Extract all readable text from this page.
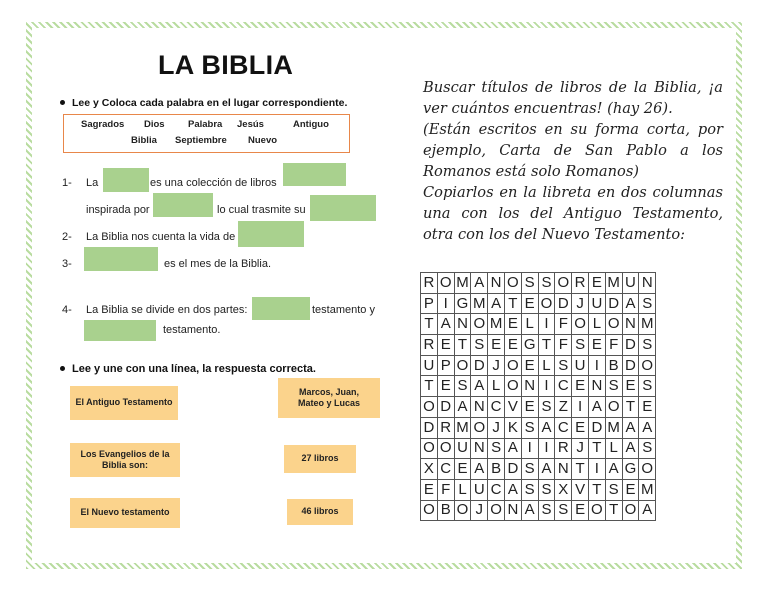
LA BIBLIA
Lee y Coloca cada palabra en el lugar correspondiente.
Sagrados Dios Palabra Jesús	Antiguo
Biblia Septiembre Nuevo
1- La	es una colección de libros
inspirada por	lo cual trasmite su
2- La Biblia nos cuenta la vida de
3-	es el mes de la Biblia.
4- La Biblia se divide en dos partes:	testamento y
testamento.
Lee y une con una línea, la respuesta correcta.
El Antiguo Testamento
Los Evangelios de la Biblia son:
El Nuevo testamento
Marcos, Juan, Mateo y Lucas
27 libros
46 libros

Buscar títulos de libros de la Biblia, ¡a ver cuántos encuentras! (hay 26).

(Están escritos en su forma corta, por ejemplo, Carta de San Pablo a los Romanos está solo Romanos)

Copiarlos en la libreta en dos columnas una con los del Antiguo Testamento, otra con los del Nuevo Testamento:

R	O	M	A	N	O	S	S	O	R	E	M	U	N
P	I	G	M	A	T	E	O	D	J	U	D	A	S
T	A	N	O	M	E	L	I	F	O	L	O	N	M
R	E	T	S	E	E	G	T	F	S	E	F	D	S
U	P	O	D	J	O	E	L	S	U	I	B	D	O
T	E	S	A	L	O	N	I	C	E	N	S	E	S
O	D	A	N	C	V	E	S	Z	I	A	O	T	E
D	R	M	O	J	K	S	A	C	E	D	M	A	A
O	O	U	N	S	A	I	I	R	J	T	L	A	S
X	C	E	A	B	D	S	A	N	T	I	A	G	O
E	F	L	U	C	A	S	S	X	V	T	S	E	M
O	B	O	J	O	N	A	S	S	E	O	T	O	A
